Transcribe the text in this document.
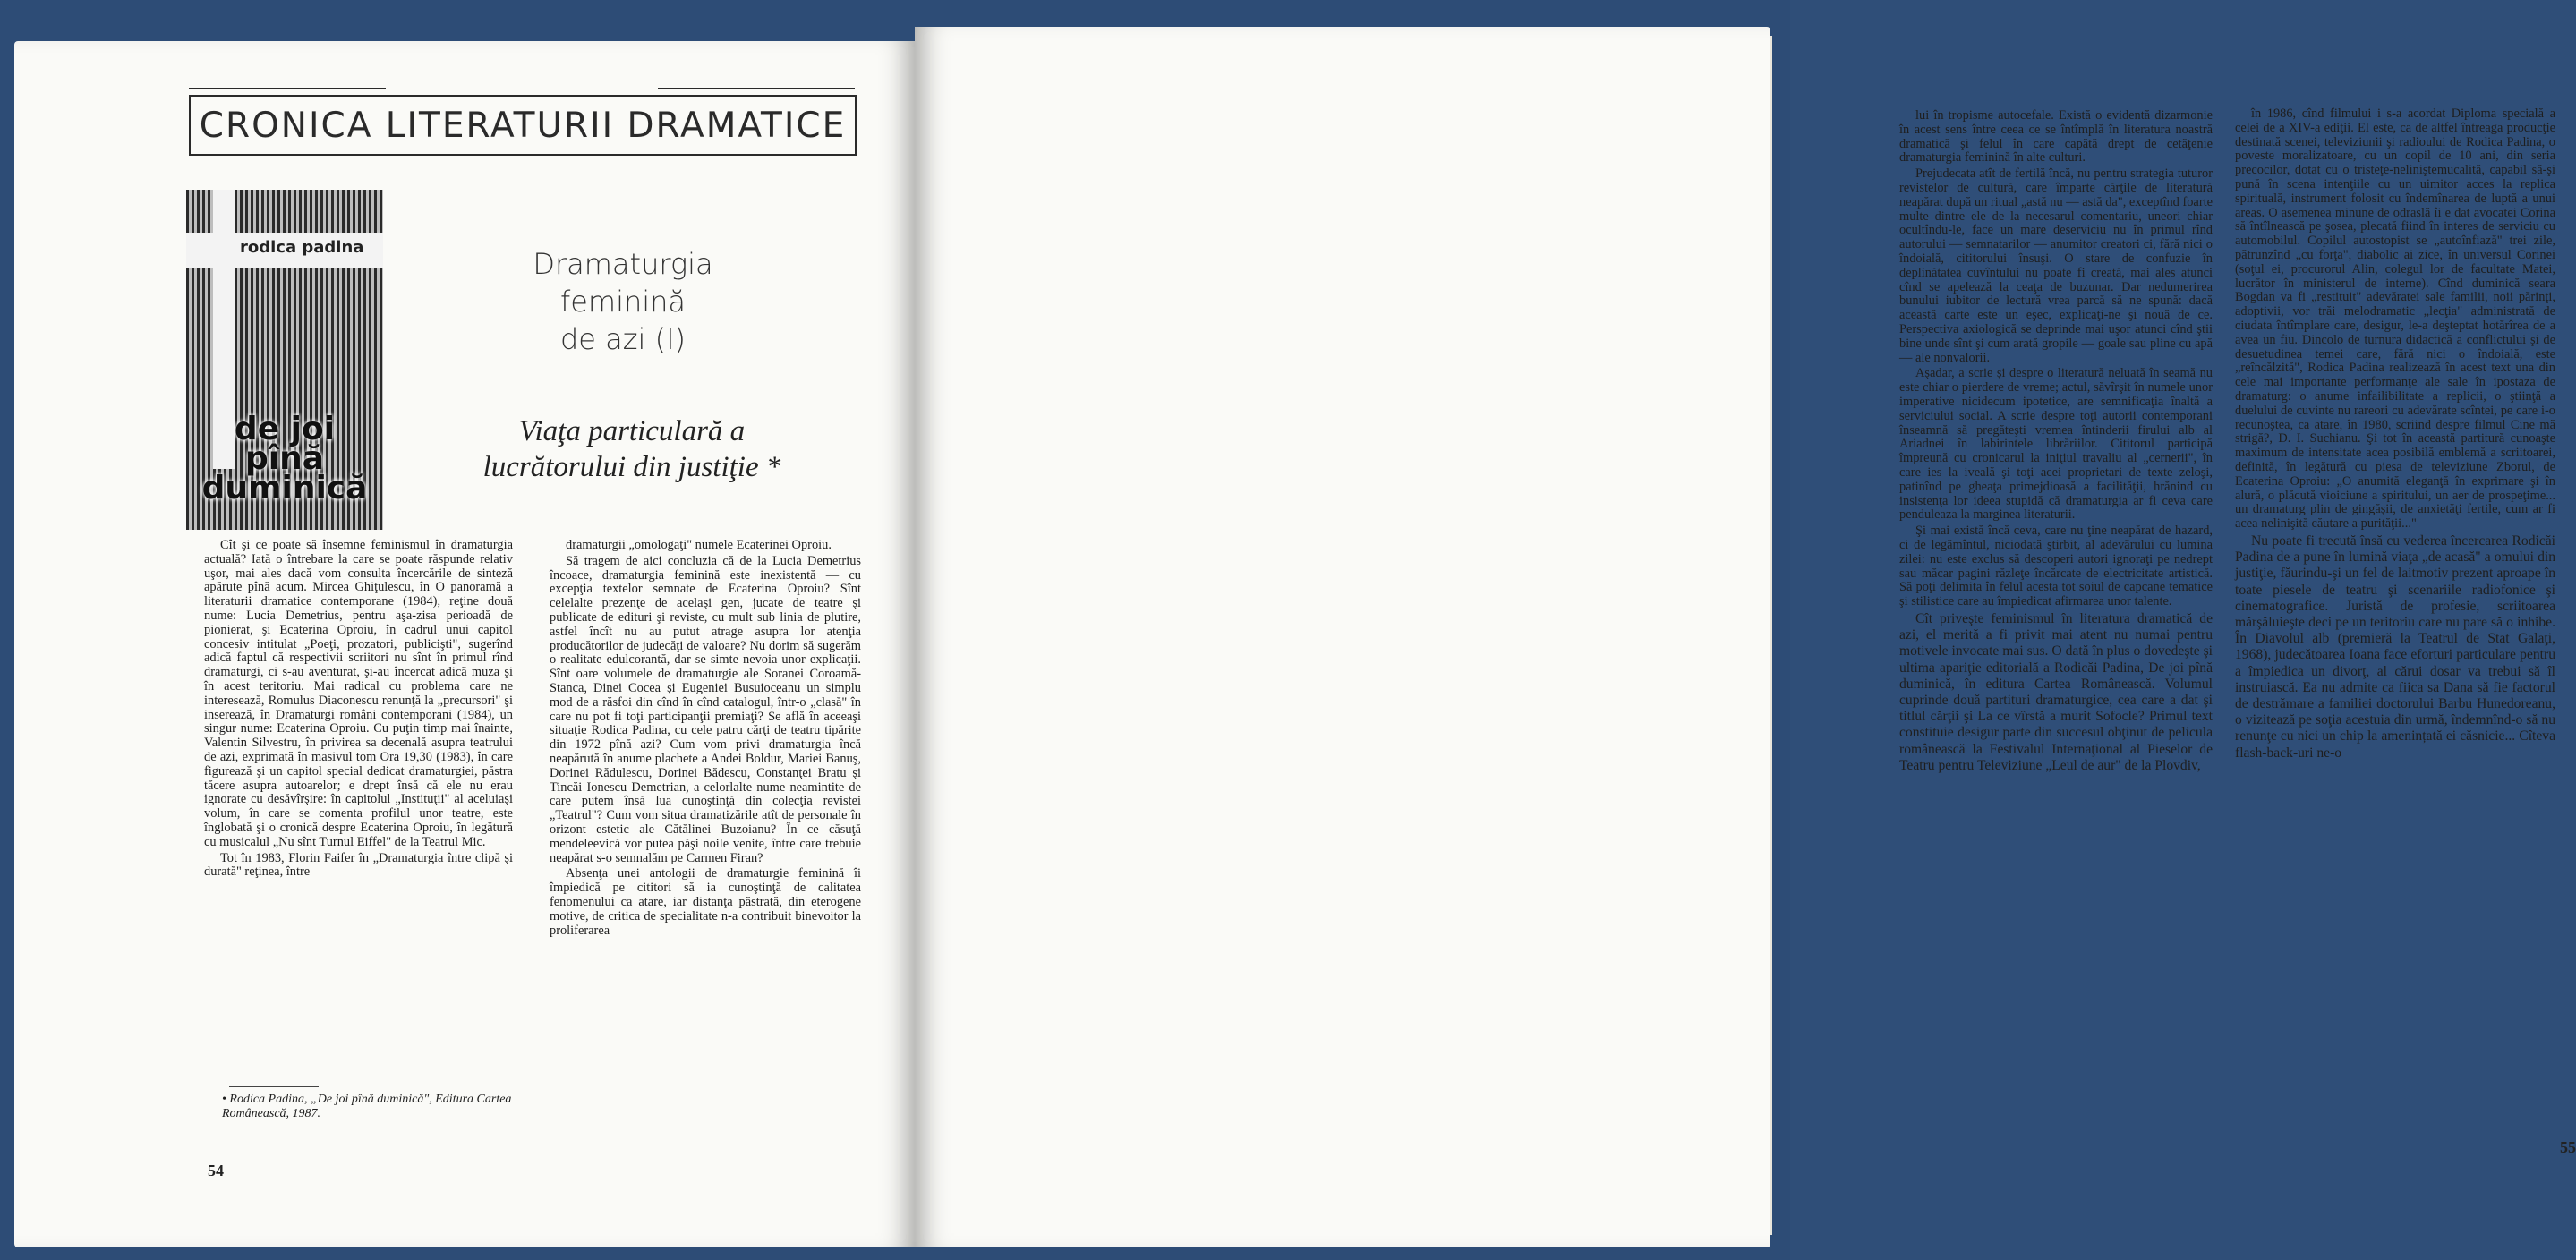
CRONICA LITERATURII DRAMATICE
rodica padina
de joi
pînă
duminică
Dramaturgia
feminină
de azi (I)
Viaţa particulară a
lucrătorului din justiţie *

Cît şi ce poate să însemne feminismul în dramaturgia actuală? Iată o întrebare la care se poate răspunde relativ uşor, mai ales dacă vom consulta încercările de sinteză apărute pînă acum. Mircea Ghiţulescu, în O panoramă a literaturii dramatice contemporane (1984), reţine două nume: Lucia Demetrius, pentru aşa-zisa perioadă de pionierat, şi Ecaterina Oproiu, în cadrul unui capitol concesiv intitulat „Poeţi, prozatori, publicişti", sugerînd adică faptul că respectivii scriitori nu sînt în primul rînd dramaturgi, ci s-au aventurat, şi-au încercat adică muza şi în acest teritoriu. Mai radical cu problema care ne interesează, Romulus Diaconescu renunţă la „precursori" şi inserează, în Dramaturgi români contemporani (1984), un singur nume: Ecaterina Oproiu. Cu puţin timp mai înainte, Valentin Silvestru, în privirea sa decenală asupra teatrului de azi, exprimată în masivul tom Ora 19,30 (1983), în care figurează şi un capitol special dedicat dramaturgiei, păstra tăcere asupra autoarelor; e drept însă că ele nu erau ignorate cu desăvîrşire: în capitolul „Instituţii" al aceluiaşi volum, în care se comenta profilul unor teatre, este înglobată şi o cronică despre Ecaterina Oproiu, în legătură cu musicalul „Nu sînt Turnul Eiffel" de la Teatrul Mic.

Tot în 1983, Florin Faifer în „Dramaturgia între clipă şi durată" reţinea, între

dramaturgii „omologaţi" numele Ecaterinei Oproiu.

Să tragem de aici concluzia că de la Lucia Demetrius încoace, dramaturgia feminină este inexistentă — cu excepţia textelor semnate de Ecaterina Oproiu? Sînt celelalte prezenţe de acelaşi gen, jucate de teatre şi publicate de edituri şi reviste, cu mult sub linia de plutire, astfel încît nu au putut atrage asupra lor atenţia producătorilor de judecăţi de valoare? Nu dorim să sugerăm o realitate edulcorantă, dar se simte nevoia unor explicaţii. Sînt oare volumele de dramaturgie ale Soranei Coroamă-Stanca, Dinei Cocea şi Eugeniei Busuioceanu un simplu mod de a răsfoi din cînd în cînd catalogul, într-o „clasă" în care nu pot fi toţi participanţii premiaţi? Se află în aceeaşi situaţie Rodica Padina, cu cele patru cărţi de teatru tipărite din 1972 pînă azi? Cum vom privi dramaturgia încă neapărută în anume plachete a Andei Boldur, Mariei Banuş, Dorinei Rădulescu, Dorinei Bădescu, Constanţei Bratu şi Tincăi Ionescu Demetrian, a celorlalte nume neamintite de care putem însă lua cunoştinţă din colecţia revistei „Teatrul"? Cum vom situa dramatizările atît de personale în orizont estetic ale Cătălinei Buzoianu? În ce căsuţă mendeleeviсă vor putea păşi noile venite, între care trebuie neapărat s-o semnalăm pe Carmen Firan?

Absenţa unei antologii de dramaturgie feminină îi împiedică pe cititori să ia cunoştinţă de calitatea fenomenului ca atare, iar distanţa păstrată, din eterogene motive, de critica de specialitate n-a contribuit binevoitor la proliferarea

• Rodica Padina, „De joi pînă duminică", Editura Cartea Românească, 1987.
54

lui în tropisme autocefale. Există o evidentă dizarmonie în acest sens între ceea ce se întîmplă în literatura noastră dramatică şi felul în care capătă drept de cetăţenie dramaturgia feminină în alte culturi.

Prejudecata atît de fertilă încă, nu pentru strategia tuturor revistelor de cultură, care împarte cărţile de literatură neapărat după un ritual „astă nu — astă da", exceptînd foarte multe dintre ele de la necesarul comentariu, uneori chiar ocultîndu-le, face un mare deserviciu nu în primul rînd autorului — semnatarilor — anumitor creatori ci, fără nici o îndoială, cititorului însuşi. O stare de confuzie în deplinătatea cuvîntului nu poate fi creată, mai ales atunci cînd se apelează la ceaţa de buzunar. Dar nedumerirea bunului iubitor de lectură vrea parcă să ne spună: dacă această carte este un eşec, explicaţi-ne şi nouă de ce. Perspectiva axiologică se deprinde mai uşor atunci cînd ştii bine unde sînt şi cum arată gropile — goale sau pline cu apă — ale nonvalorii.

Aşadar, a scrie şi despre o literatură neluată în seamă nu este chiar o pierdere de vreme; actul, săvîrşit în numele unor imperative nicidecum ipotetice, are semnificaţia înaltă a serviciului social. A scrie despre toţi autorii contemporani înseamnă să pregăteşti vremea întinderii firului alb al Ariadnei în labirintele librăriilor. Cititorul participă împreună cu cronicarul la iniţiul travaliu al „cernerii", în care ies la iveală şi toţi acei proprietari de texte zeloşi, patinînd pe gheaţa primejdioasă a facilităţii, hrănind cu insistenţa lor ideea stupidă că dramaturgia ar fi ceva care penduleaza la marginea literaturii.

Şi mai există încă ceva, care nu ţine neapărat de hazard, ci de legămîntul, niciodată ştirbit, al adevărului cu lumina zilei: nu este exclus să descoperi autori ignoraţi pe nedrept sau măcar pagini răzleţe încărcate de electricitate artistică. Să poţi delimita în felul acesta tot soiul de capcane tematice şi stilistice care au împiedicat afirmarea unor talente.

Cît priveşte feminismul în literatura dramatică de azi, el merită a fi privit mai atent nu numai pentru motivele invocate mai sus. O dată în plus o dovedeşte şi ultima apariţie editorială a Rodicăi Padina, De joi pînă duminică, în editura Cartea Românească. Volumul cuprinde două partituri dramaturgice, cea care a dat şi titlul cărţii şi La ce vîrstă a murit Sofocle? Primul text constituie desigur parte din succesul obţinut de pelicula românească la Festivalul Internaţional al Pieselor de Teatru pentru Televiziune „Leul de aur" de la Plovdiv,

în 1986, cînd filmului i s-a acordat Diploma specială a celei de a XIV-a ediţii. El este, ca de altfel întreaga producţie destinată scenei, televiziunii şi radioului de Rodica Padina, o poveste moralizatoare, cu un copil de 10 ani, din seria precocilor, dotat cu o tristeţe-neliniştemucalită, capabil să-şi pună în scena intenţiile cu un uimitor acces la replica spirituală, instrument folosit cu îndemînarea de luptă a unui areas. O asemenea minune de odraslă îi e dat avocatei Corina să întîlnească pe şosea, plecată fiind în interes de serviciu cu automobilul. Copilul autostopist se „autoînfiază" trei zile, pătrunzînd „cu forţa", diabolic ai zice, în universul Corinei (soţul ei, procurorul Alin, colegul lor de facultate Matei, lucrător în ministerul de interne). Cînd duminică seara Bogdan va fi „restituit" adevăratei sale familii, noii părinţi, adoptivii, vor trăi melodramatic „lecţia" administrată de ciudata întîmplare care, desigur, le-a deşteptat hotărîrea de a avea un fiu. Dincolo de turnura didactică a conflictului şi de desuetudinea temei care, fără nici o îndoială, este „reîncălzită", Rodica Padina realizează în acest text una din cele mai importante performanţe ale sale în ipostaza de dramaturg: o anume infailibilitate a replicii, o ştiinţă a duelului de cuvinte nu rareori cu adevărate scîntei, pe care i-o recunoştea, ca atare, în 1980, scriind despre filmul Cine mă strigă?, D. I. Suchianu. Şi tot în această partitură cunoaşte maximum de intensitate acea posibilă emblemă a scriitoarei, definită, în legătură cu piesa de televiziune Zborul, de Ecaterina Oproiu: „O anumită eleganţă în exprimare şi în alură, o plăcută vioiciune a spiritului, un aer de prospeţime... un dramaturg plin de gingăşii, de anxietăţi fertile, cum ar fi acea nelinişită căutare a purităţii..."

Nu poate fi trecută însă cu vederea încercarea Rodicăi Padina de a pune în lumină viaţa „de acasă" a omului din justiţie, făurindu-şi un fel de laitmotiv prezent aproape în toate piesele de teatru şi scenariile radiofonice şi cinematografice. Juristă de profesie, scriitoarea mărşăluieşte deci pe un teritoriu care nu pare să o inhibe. În Diavolul alb (premieră la Teatrul de Stat Galaţi, 1968), judecătoarea Ioana face eforturi particulare pentru a împiedica un divorţ, al cărui dosar va trebui să îl instruiască. Ea nu admite ca fiica sa Dana să fie factorul de destrămare a familiei doctorului Barbu Hunedoreanu, o vizitează pe soţia acestuia din urmă, îndemnînd-o să nu renunţe cu nici un chip la amenințată ei căsnicie... Cîteva flash-back-uri ne-o

55
